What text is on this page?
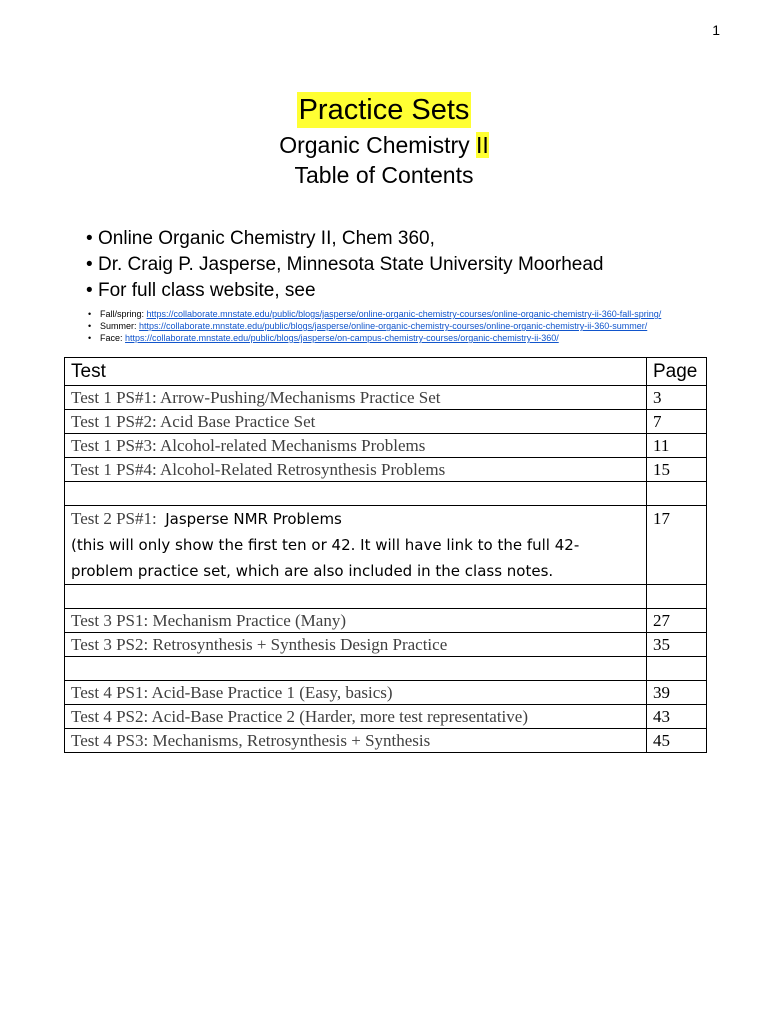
1
Practice Sets
Organic Chemistry II
Table of Contents
• Online Organic Chemistry II, Chem 360,
• Dr. Craig P. Jasperse, Minnesota State University Moorhead
• For full class website, see
• Fall/spring: https://collaborate.mnstate.edu/public/blogs/jasperse/online-organic-chemistry-courses/online-organic-chemistry-ii-360-fall-spring/
• Summer: https://collaborate.mnstate.edu/public/blogs/jasperse/online-organic-chemistry-courses/online-organic-chemistry-ii-360-summer/
• Face: https://collaborate.mnstate.edu/public/blogs/jasperse/on-campus-chemistry-courses/organic-chemistry-ii-360/
Test	Page
Test 1 PS#1: Arrow-Pushing/Mechanisms Practice Set	3
Test 1 PS#2: Acid Base Practice Set	7
Test 1 PS#3: Alcohol-related Mechanisms Problems	11
Test 1 PS#4: Alcohol-Related Retrosynthesis Problems	15

Test 2 PS#1: Jasperse NMR Problems
(this will only show the first ten or 42. It will have link to the full 42-problem practice set, which are also included in the class notes.	17

Test 3 PS1: Mechanism Practice (Many)	27
Test 3 PS2: Retrosynthesis + Synthesis Design Practice	35

Test 4 PS1: Acid-Base Practice 1 (Easy, basics)	39
Test 4 PS2: Acid-Base Practice 2 (Harder, more test representative)	43
Test 4 PS3: Mechanisms, Retrosynthesis + Synthesis	45
